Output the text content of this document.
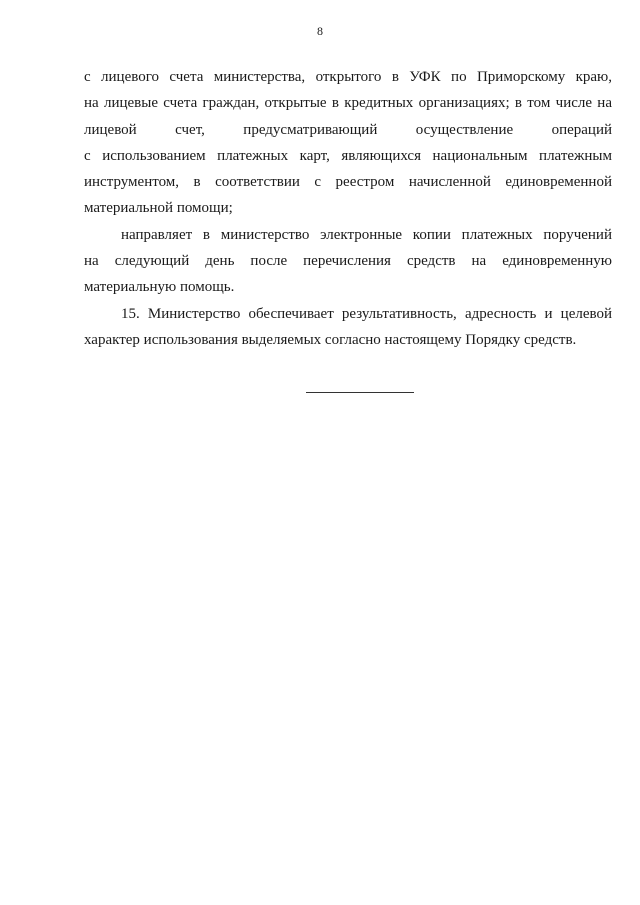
8
с лицевого счета министерства, открытого в УФК по Приморскому краю,
на лицевые счета граждан, открытые в кредитных организациях; в том числе на
лицевой счет, предусматривающий осуществление операций
с использованием платежных карт, являющихся национальным платежным
инструментом, в соответствии с реестром начисленной единовременной
материальной помощи;
направляет в министерство электронные копии платежных поручений
на следующий день после перечисления средств на единовременную
материальную помощь.
15. Министерство обеспечивает результативность, адресность и целевой
характер использования выделяемых согласно настоящему Порядку средств.
